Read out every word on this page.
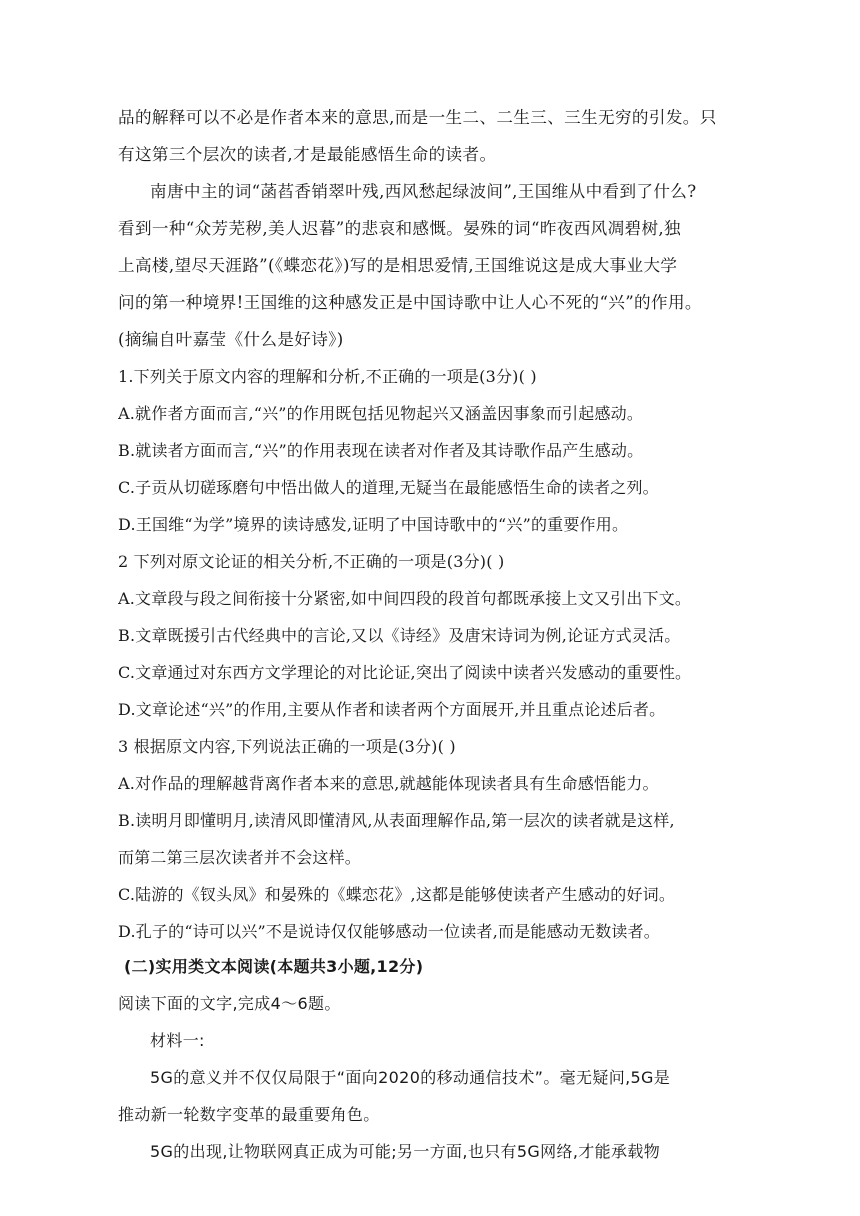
品的解释可以不必是作者本来的意思,而是一生二、二生三、三生无穷的引发。只
有这第三个层次的读者,才是最能感悟生命的读者。
南唐中主的词“菡萏香销翠叶残,西风愁起绿波间”,王国维从中看到了什么?
看到一种“众芳芜秽,美人迟暮”的悲哀和感慨。晏殊的词“昨夜西风凋碧树,独
上高楼,望尽天涯路”(《蝶恋花》)写的是相思爱情,王国维说这是成大事业大学
问的第一种境界!王国维的这种感发正是中国诗歌中让人心不死的“兴”的作用。
(摘编自叶嘉莹《什么是好诗》)
1.下列关于原文内容的理解和分析,不正确的一项是(3分)( )
A.就作者方面而言,“兴”的作用既包括见物起兴又涵盖因事象而引起感动。
B.就读者方面而言,“兴”的作用表现在读者对作者及其诗歌作品产生感动。
C.子贡从切磋琢磨句中悟出做人的道理,无疑当在最能感悟生命的读者之列。
D.王国维“为学”境界的读诗感发,证明了中国诗歌中的“兴”的重要作用。
2 下列对原文论证的相关分析,不正确的一项是(3分)( )
A.文章段与段之间衔接十分紧密,如中间四段的段首句都既承接上文又引出下文。
B.文章既援引古代经典中的言论,又以《诗经》及唐宋诗词为例,论证方式灵活。
C.文章通过对东西方文学理论的对比论证,突出了阅读中读者兴发感动的重要性。
D.文章论述“兴”的作用,主要从作者和读者两个方面展开,并且重点论述后者。
3 根据原文内容,下列说法正确的一项是(3分)( )
A.对作品的理解越背离作者本来的意思,就越能体现读者具有生命感悟能力。
B.读明月即懂明月,读清风即懂清风,从表面理解作品,第一层次的读者就是这样,
而第二第三层次读者并不会这样。
C.陆游的《钗头凤》和晏殊的《蝶恋花》,这都是能够使读者产生感动的好词。
D.孔子的“诗可以兴”不是说诗仅仅能够感动一位读者,而是能感动无数读者。
(二)实用类文本阅读(本题共3小题,12分)
阅读下面的文字,完成4～6题。
材料一:
5G的意义并不仅仅局限于“面向2020的移动通信技术”。毫无疑问,5G是
推动新一轮数字变革的最重要角色。
5G的出现,让物联网真正成为可能;另一方面,也只有5G网络,才能承载物
